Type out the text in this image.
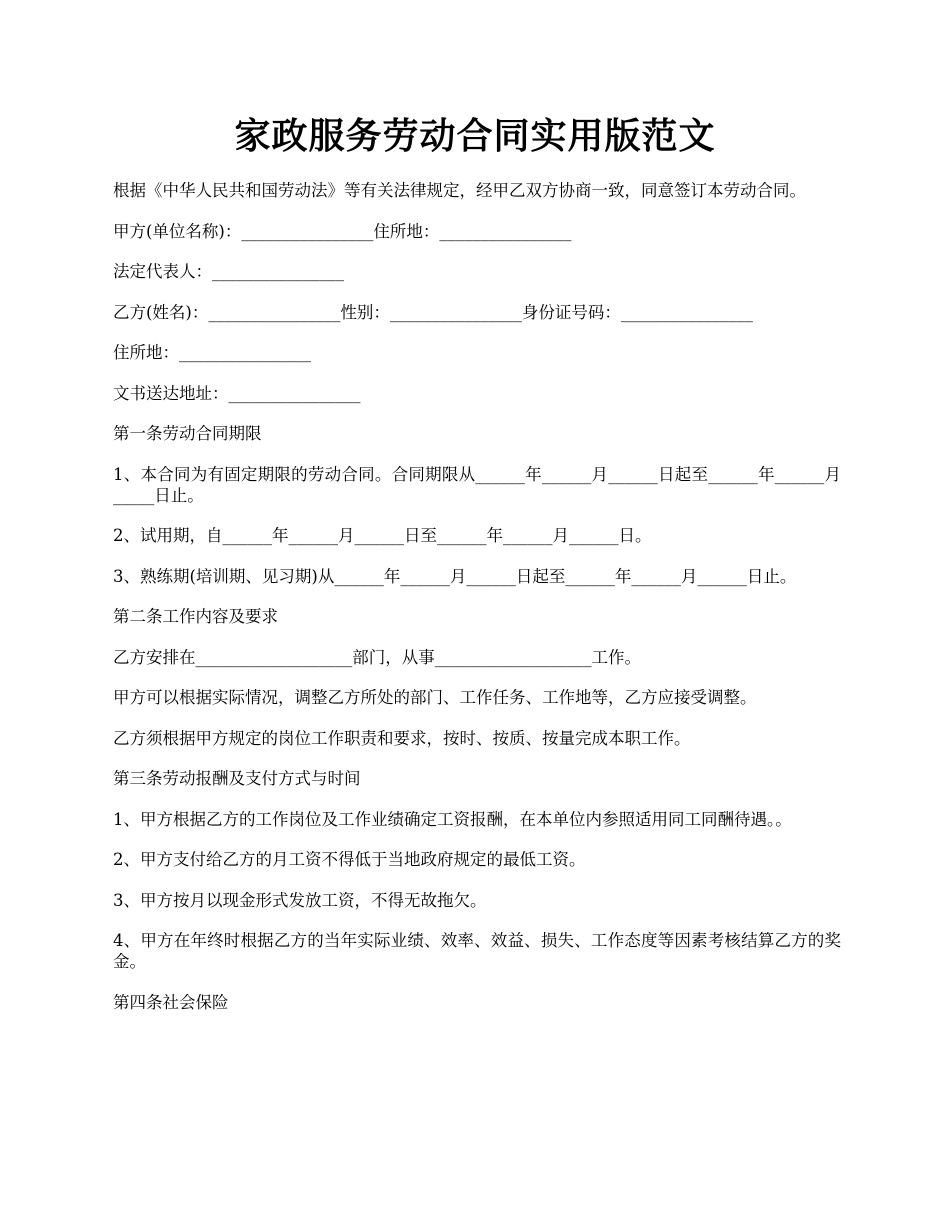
家政服务劳动合同实用版范文

根据《中华人民共和国劳动法》等有关法律规定，经甲乙双方协商一致，同意签订本劳动合同。

甲方(单位名称)：________________住所地：________________

法定代表人：________________

乙方(姓名)：________________性别：________________身份证号码：________________

住所地：________________

文书送达地址：________________

第一条劳动合同期限

1、本合同为有固定期限的劳动合同。合同期限从______年______月______日起至______年______月_____日止。

2、试用期，自______年______月______日至______年______月______日。

3、熟练期(培训期、见习期)从______年______月______日起至______年______月______日止。

第二条工作内容及要求

乙方安排在___________________部门，从事___________________工作。

甲方可以根据实际情况，调整乙方所处的部门、工作任务、工作地等，乙方应接受调整。

乙方须根据甲方规定的岗位工作职责和要求，按时、按质、按量完成本职工作。

第三条劳动报酬及支付方式与时间

1、甲方根据乙方的工作岗位及工作业绩确定工资报酬，在本单位内参照适用同工同酬待遇。。

2、甲方支付给乙方的月工资不得低于当地政府规定的最低工资。

3、甲方按月以现金形式发放工资，不得无故拖欠。

4、甲方在年终时根据乙方的当年实际业绩、效率、效益、损失、工作态度等因素考核结算乙方的奖金。

第四条社会保险
